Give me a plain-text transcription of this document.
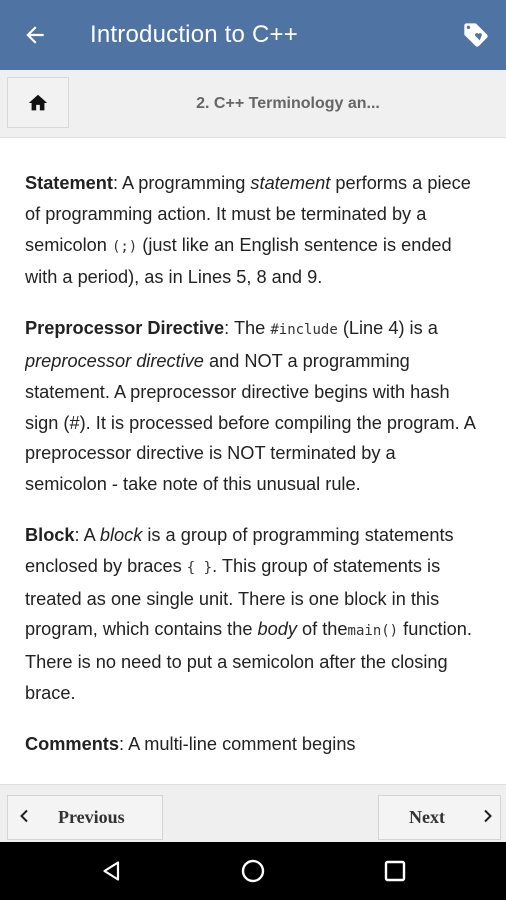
Introduction to C++
2. C++ Terminology an...

Statement: A programming statement performs a piece of programming action. It must be terminated by a semicolon (;) (just like an English sentence is ended with a period), as in Lines 5, 8 and 9.

Preprocessor Directive: The #include (Line 4) is a preprocessor directive and NOT a programming statement. A preprocessor directive begins with hash sign (#). It is processed before compiling the program. A preprocessor directive is NOT terminated by a semicolon - take note of this unusual rule.

Block: A block is a group of programming statements enclosed by braces { }. This group of statements is treated as one single unit. There is one block in this program, which contains the body of themain() function. There is no need to put a semicolon after the closing brace.

Comments: A multi-line comment begins

Previous	Next
